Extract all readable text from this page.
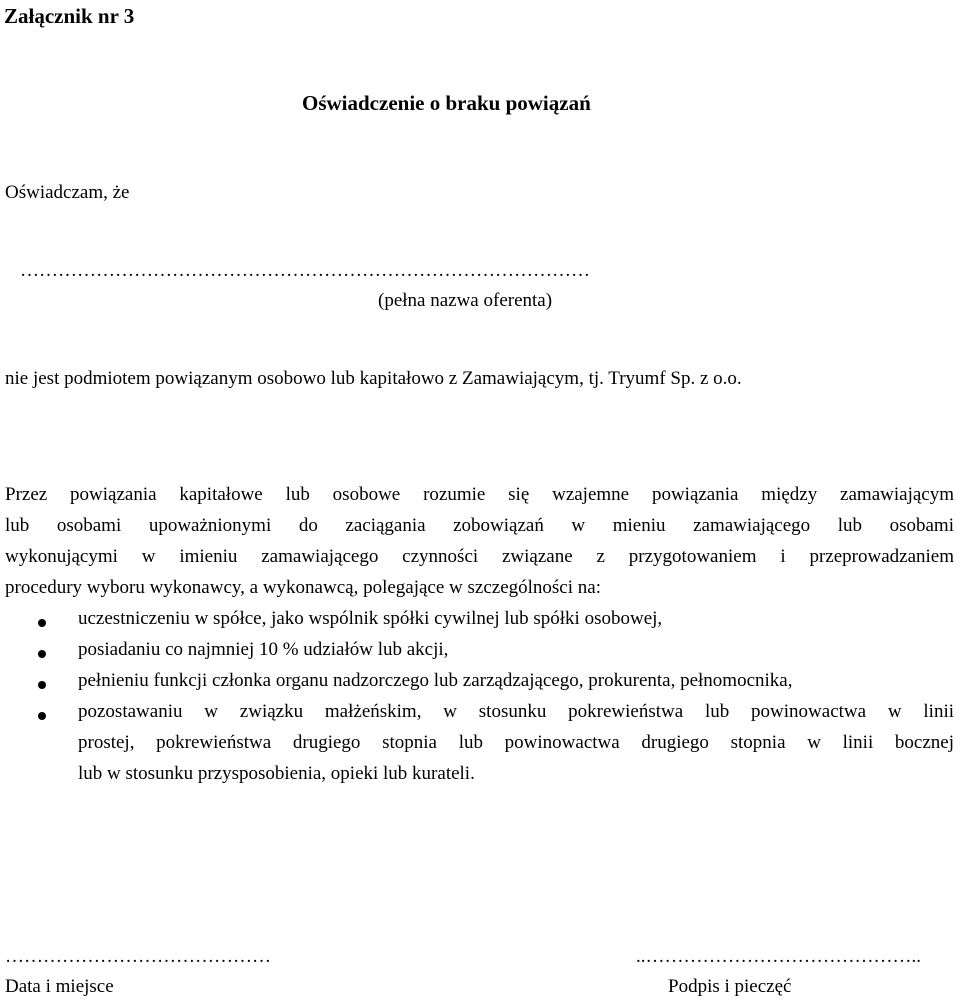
Załącznik nr 3
Oświadczenie o braku powiązań
Oświadczam, że
………………………………………………………………………………
(pełna nazwa oferenta)
nie jest podmiotem powiązanym osobowo lub kapitałowo z Zamawiającym, tj. Tryumf Sp. z o.o.
Przez powiązania kapitałowe lub osobowe rozumie się wzajemne powiązania między zamawiającym
lub osobami upoważnionymi do zaciągania zobowiązań w mieniu zamawiającego lub osobami
wykonującymi w imieniu zamawiającego czynności związane z przygotowaniem i przeprowadzaniem
procedury wyboru wykonawcy, a wykonawcą, polegające w szczególności na:
uczestniczeniu w spółce, jako wspólnik spółki cywilnej lub spółki osobowej,
posiadaniu co najmniej 10 % udziałów lub akcji,
pełnieniu funkcji członka organu nadzorczego lub zarządzającego, prokurenta, pełnomocnika,
pozostawaniu w związku małżeńskim, w stosunku pokrewieństwa lub powinowactwa w linii
prostej, pokrewieństwa drugiego stopnia lub powinowactwa drugiego stopnia w linii bocznej
lub w stosunku przysposobienia, opieki lub kurateli.
……………………………………
Data i miejsce
..……………………………………..
Podpis i pieczęć
